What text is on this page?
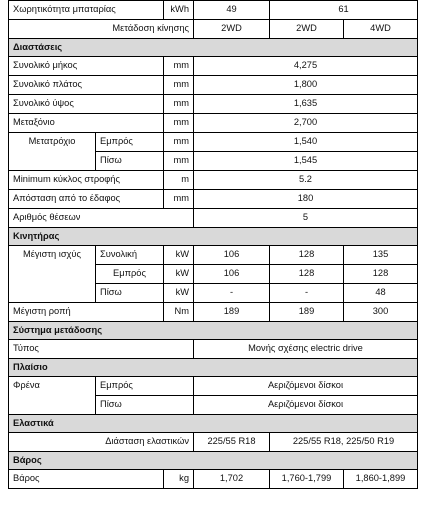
Χωρητικότητα μπαταρίας		kWh	49	61	
Μετάδοση κίνησης			2WD	2WD	4WD
Διαστάσεις					
Συνολικό μήκος		mm	4,275		
Συνολικό πλάτος		mm	1,800		
Συνολικό ύψος		mm	1,635		
Μεταξόνιο		mm	2,700		
Μετατρόχιο	Εμπρός	mm	1,540		
	Πίσω	mm	1,545		
Minimum κύκλος στροφής		m	5.2		
Απόσταση από το έδαφος		mm	180		
Αριθμός θέσεων			5		
Κινητήρας					
Μέγιστη ισχύς	Συνολική	kW	106	128	135
	Εμπρός	kW	106	128	128
	Πίσω	kW	-	-	48
Μέγιστη ροπή		Nm	189	189	300
Σύστημα μετάδοσης					
Τύπος			Μονής σχέσης electric drive		
Πλαίσιο					
Φρένα	Εμπρός		Αεριζόμενοι δίσκοι		
	Πίσω		Αεριζόμενοι δίσκοι		
Ελαστικά					
Διάσταση ελαστικών			225/55 R18	225/55 R18, 225/50 R19	
Βάρος					
Βάρος		kg	1,702	1,760-1,799	1,860-1,899
